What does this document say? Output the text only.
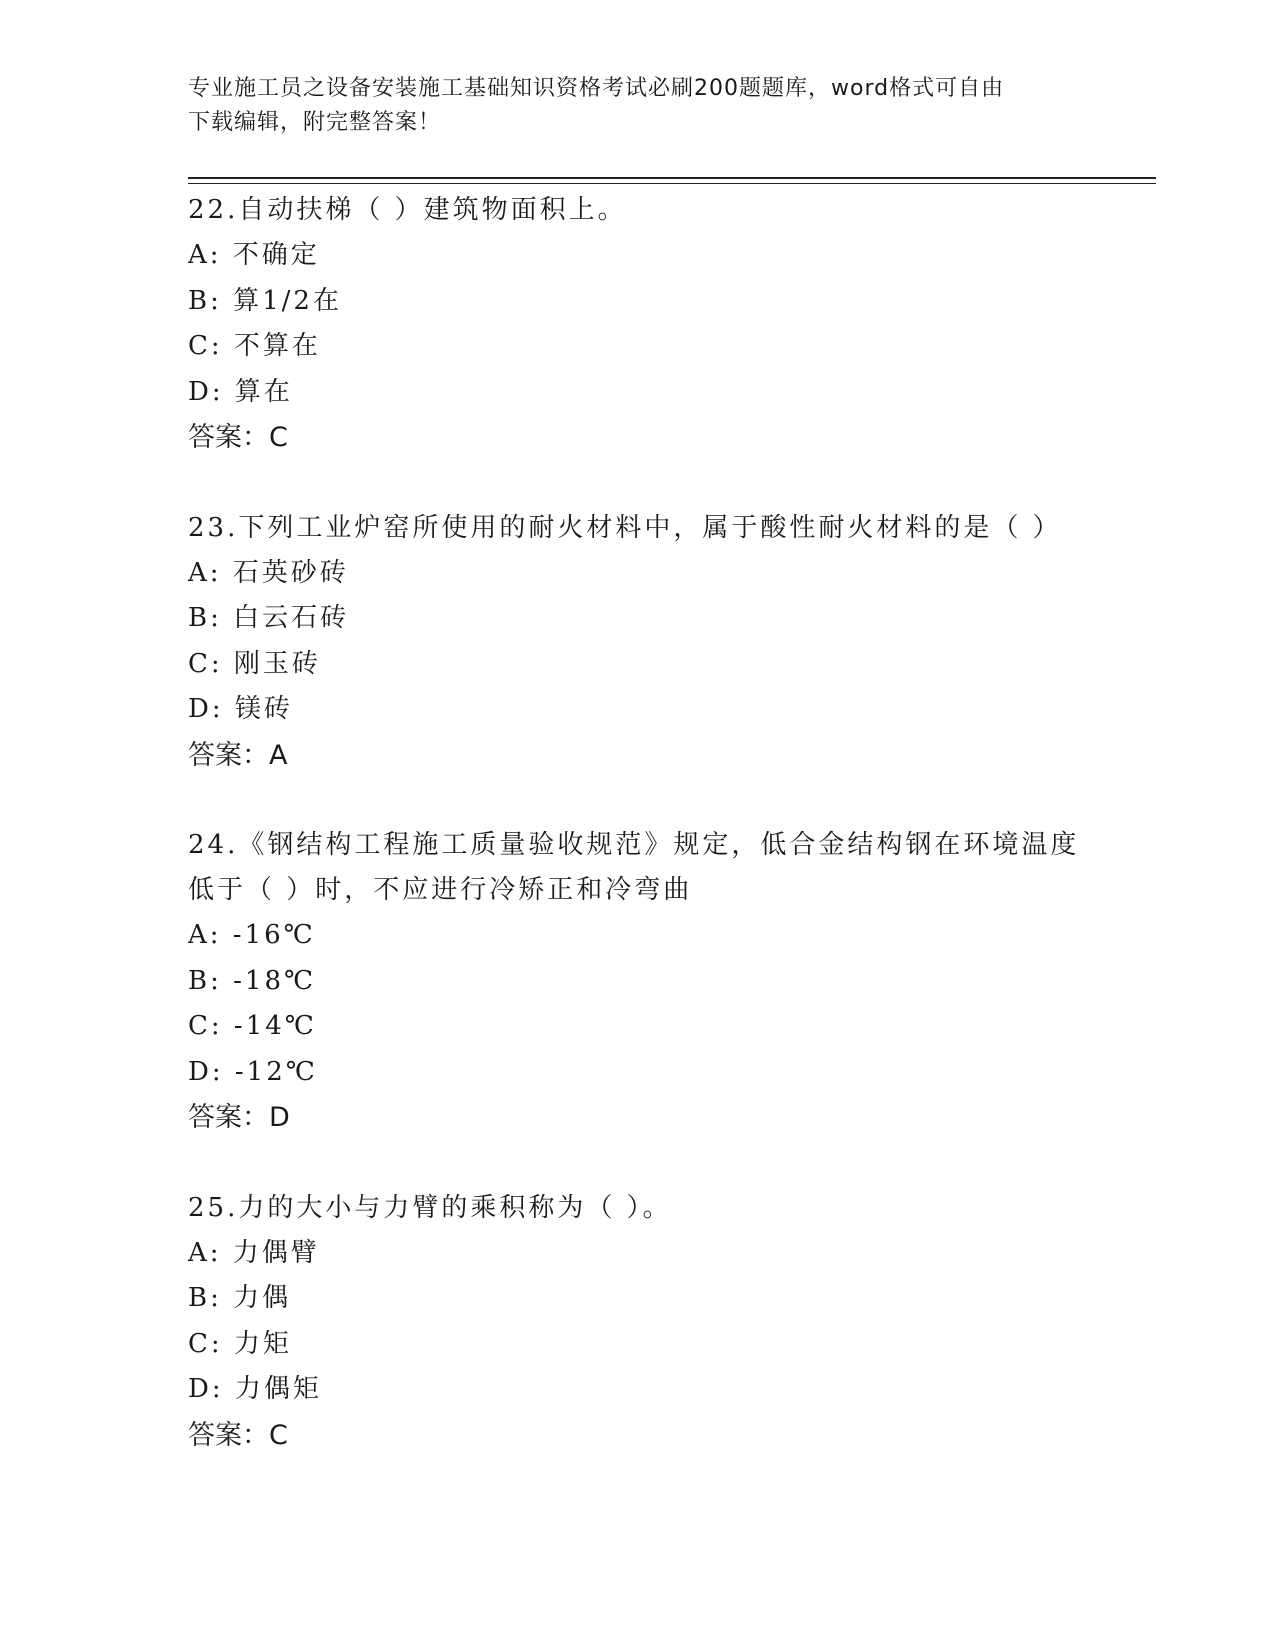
专业施工员之设备安装施工基础知识资格考试必刷200题题库，word格式可自由
下载编辑，附完整答案！
22.自动扶梯（ ）建筑物面积上。
A: 不确定
B: 算1/2在
C: 不算在
D: 算在
答案：C
23.下列工业炉窑所使用的耐火材料中，属于酸性耐火材料的是（ ）
A: 石英砂砖
B: 白云石砖
C: 刚玉砖
D: 镁砖
答案：A
24.《钢结构工程施工质量验收规范》规定，低合金结构钢在环境温度
低于（ ）时，不应进行冷矫正和冷弯曲
A: -16℃
B: -18℃
C: -14℃
D: -12℃
答案：D
25.力的大小与力臂的乘积称为（ ）。
A: 力偶臂
B: 力偶
C: 力矩
D: 力偶矩
答案：C
